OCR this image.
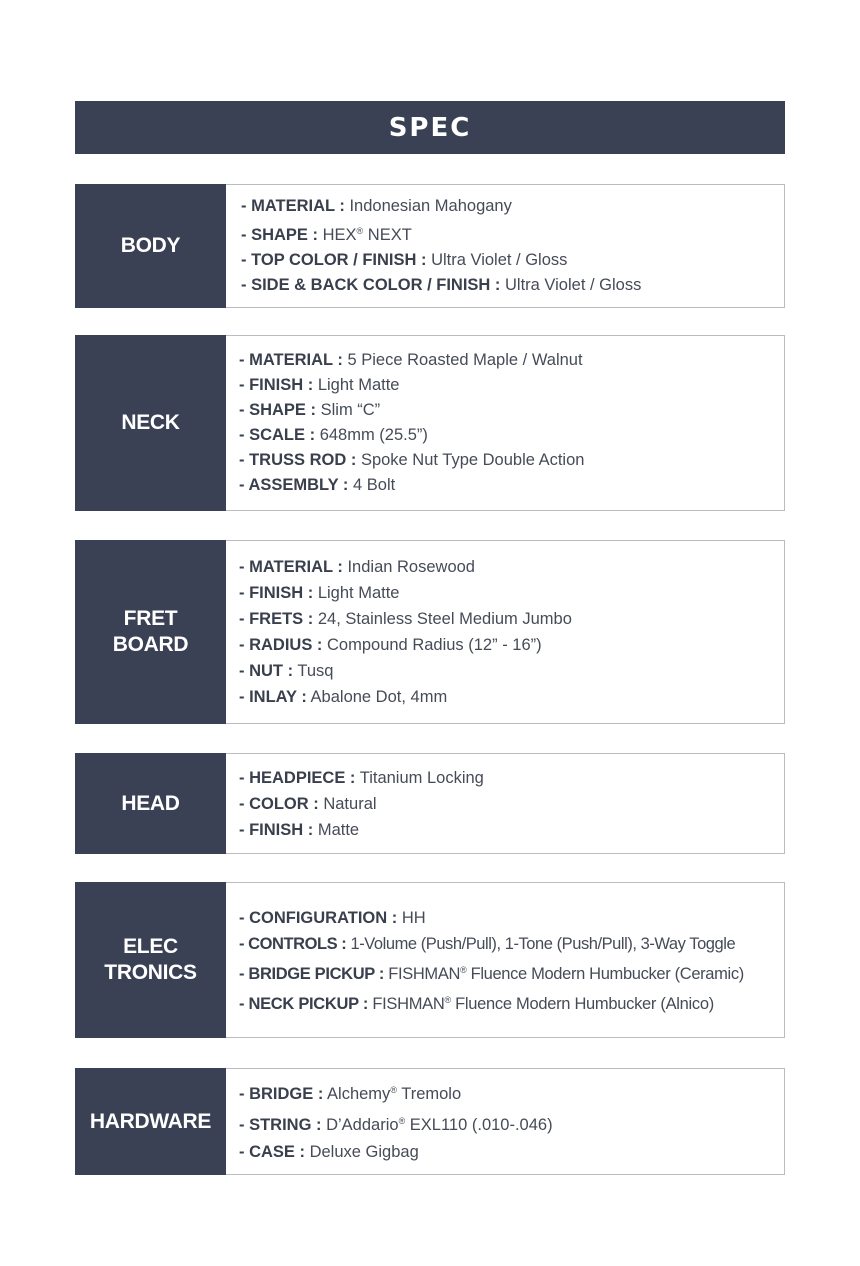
SPEC
BODY
- MATERIAL : Indonesian Mahogany
- SHAPE : HEX® NEXT
- TOP COLOR / FINISH : Ultra Violet / Gloss
- SIDE & BACK COLOR / FINISH : Ultra Violet / Gloss
NECK
- MATERIAL : 5 Piece Roasted Maple / Walnut
- FINISH : Light Matte
- SHAPE : Slim “C”
- SCALE : 648mm (25.5”)
- TRUSS ROD : Spoke Nut Type Double Action
- ASSEMBLY : 4 Bolt
FRET
BOARD
- MATERIAL : Indian Rosewood
- FINISH : Light Matte
- FRETS : 24, Stainless Steel Medium Jumbo
- RADIUS : Compound Radius (12” - 16”)
- NUT : Tusq
- INLAY : Abalone Dot, 4mm
HEAD
- HEADPIECE : Titanium Locking
- COLOR : Natural
- FINISH : Matte
ELEC
TRONICS
- CONFIGURATION : HH
- CONTROLS : 1-Volume (Push/Pull), 1-Tone (Push/Pull), 3-Way Toggle
- BRIDGE PICKUP : FISHMAN® Fluence Modern Humbucker (Ceramic)
- NECK PICKUP : FISHMAN® Fluence Modern Humbucker (Alnico)
HARDWARE
- BRIDGE : Alchemy® Tremolo
- STRING : D’Addario® EXL110 (.010-.046)
- CASE : Deluxe Gigbag
